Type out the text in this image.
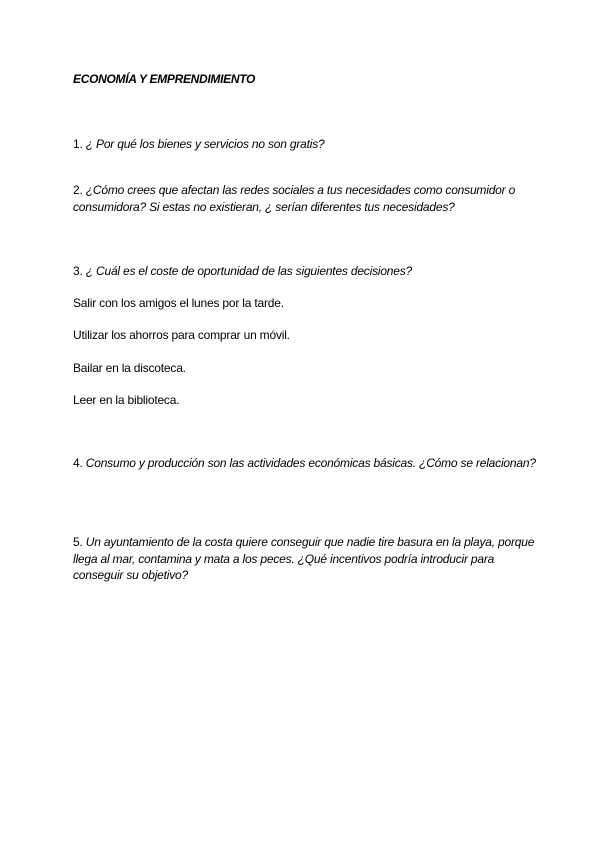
ECONOMÍA Y EMPRENDIMIENTO
1. ¿ Por qué los bienes y servicios no son gratis?
2. ¿Cómo crees que afectan las redes sociales a tus necesidades como consumidor o consumidora? Si estas no existieran, ¿ serían diferentes tus necesidades?
3. ¿ Cuál es el coste de oportunidad de las siguientes decisiones?
Salir con los amigos el lunes por la tarde.
Utilizar los ahorros para comprar un móvil.
Bailar en la discoteca.
Leer en la biblioteca.
4. Consumo y producción son las actividades económicas básicas. ¿Cómo se relacionan?
5. Un ayuntamiento de la costa quiere conseguir que nadie tire basura en la playa, porque llega al mar, contamina y mata a los peces. ¿Qué incentivos podría introducir para conseguir su objetivo?
